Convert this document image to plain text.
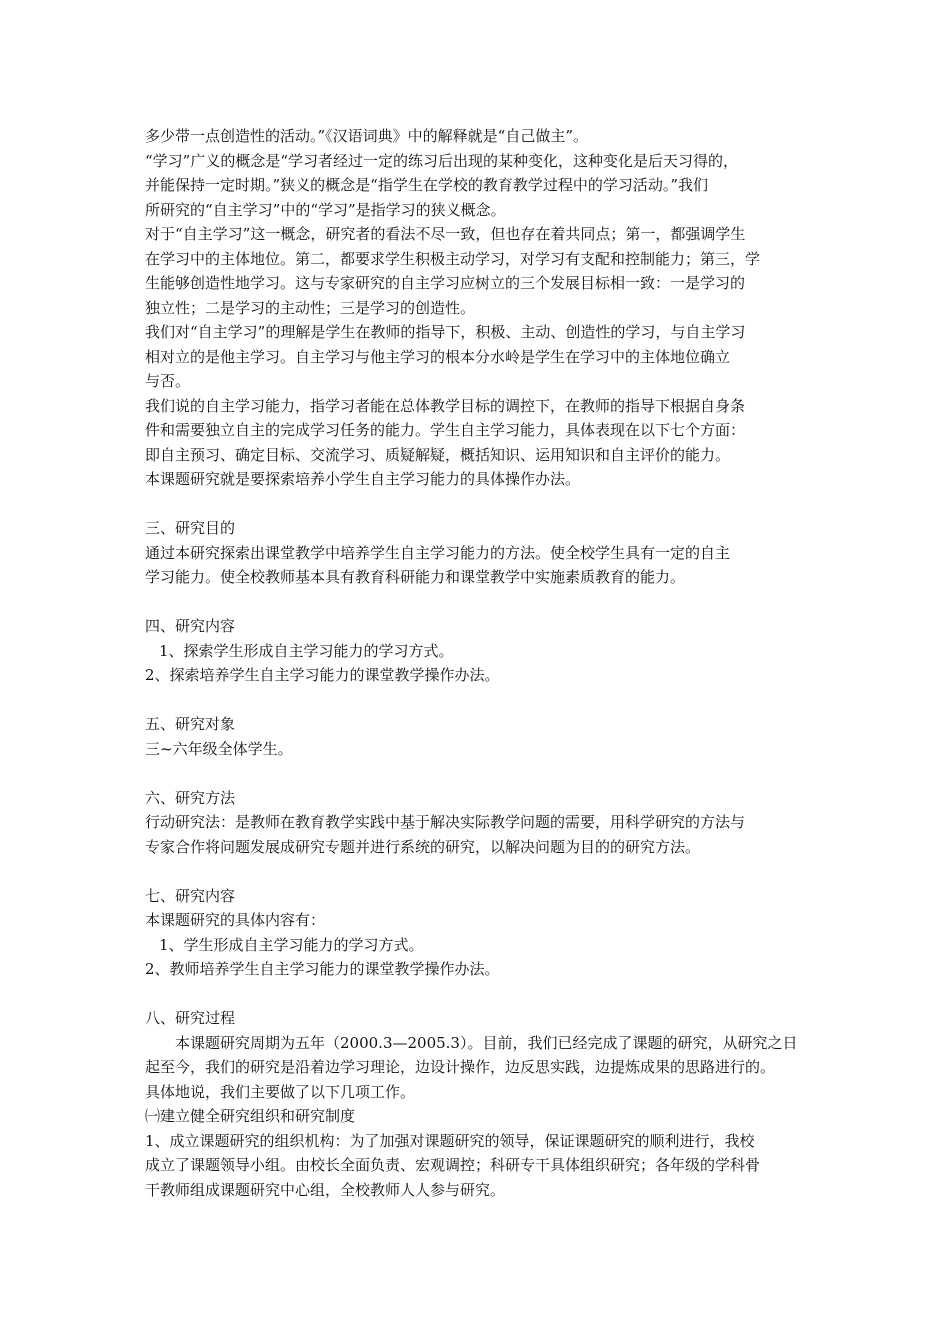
多少带一点创造性的活动。”《汉语词典》中的解释就是“自己做主”。
“学习”广义的概念是“学习者经过一定的练习后出现的某种变化，这种变化是后天习得的，
并能保持一定时期。”狭义的概念是“指学生在学校的教育教学过程中的学习活动。”我们
所研究的“自主学习”中的“学习”是指学习的狭义概念。
对于“自主学习”这一概念，研究者的看法不尽一致，但也存在着共同点；第一，都强调学生
在学习中的主体地位。第二，都要求学生积极主动学习，对学习有支配和控制能力；第三，学
生能够创造性地学习。这与专家研究的自主学习应树立的三个发展目标相一致：一是学习的
独立性；二是学习的主动性；三是学习的创造性。
我们对“自主学习”的理解是学生在教师的指导下，积极、主动、创造性的学习，与自主学习
相对立的是他主学习。自主学习与他主学习的根本分水岭是学生在学习中的主体地位确立
与否。
我们说的自主学习能力，指学习者能在总体教学目标的调控下，在教师的指导下根据自身条
件和需要独立自主的完成学习任务的能力。学生自主学习能力，具体表现在以下七个方面：
即自主预习、确定目标、交流学习、质疑解疑，概括知识、运用知识和自主评价的能力。
本课题研究就是要探索培养小学生自主学习能力的具体操作办法。
三、研究目的
通过本研究探索出课堂教学中培养学生自主学习能力的方法。使全校学生具有一定的自主
学习能力。使全校教师基本具有教育科研能力和课堂教学中实施素质教育的能力。
四、研究内容
1、探索学生形成自主学习能力的学习方式。
2、探索培养学生自主学习能力的课堂教学操作办法。
五、研究对象
三~六年级全体学生。
六、研究方法
行动研究法：是教师在教育教学实践中基于解决实际教学问题的需要，用科学研究的方法与
专家合作将问题发展成研究专题并进行系统的研究，以解决问题为目的的研究方法。
七、研究内容
本课题研究的具体内容有：
1、学生形成自主学习能力的学习方式。
2、教师培养学生自主学习能力的课堂教学操作办法。
八、研究过程
本课题研究周期为五年（2000.3—2005.3）。目前，我们已经完成了课题的研究，从研究之日
起至今，我们的研究是沿着边学习理论，边设计操作，边反思实践，边提炼成果的思路进行的。
具体地说，我们主要做了以下几项工作。
㈠建立健全研究组织和研究制度
1、成立课题研究的组织机构：为了加强对课题研究的领导，保证课题研究的顺利进行，我校
成立了课题领导小组。由校长全面负责、宏观调控；科研专干具体组织研究；各年级的学科骨
干教师组成课题研究中心组，全校教师人人参与研究。
